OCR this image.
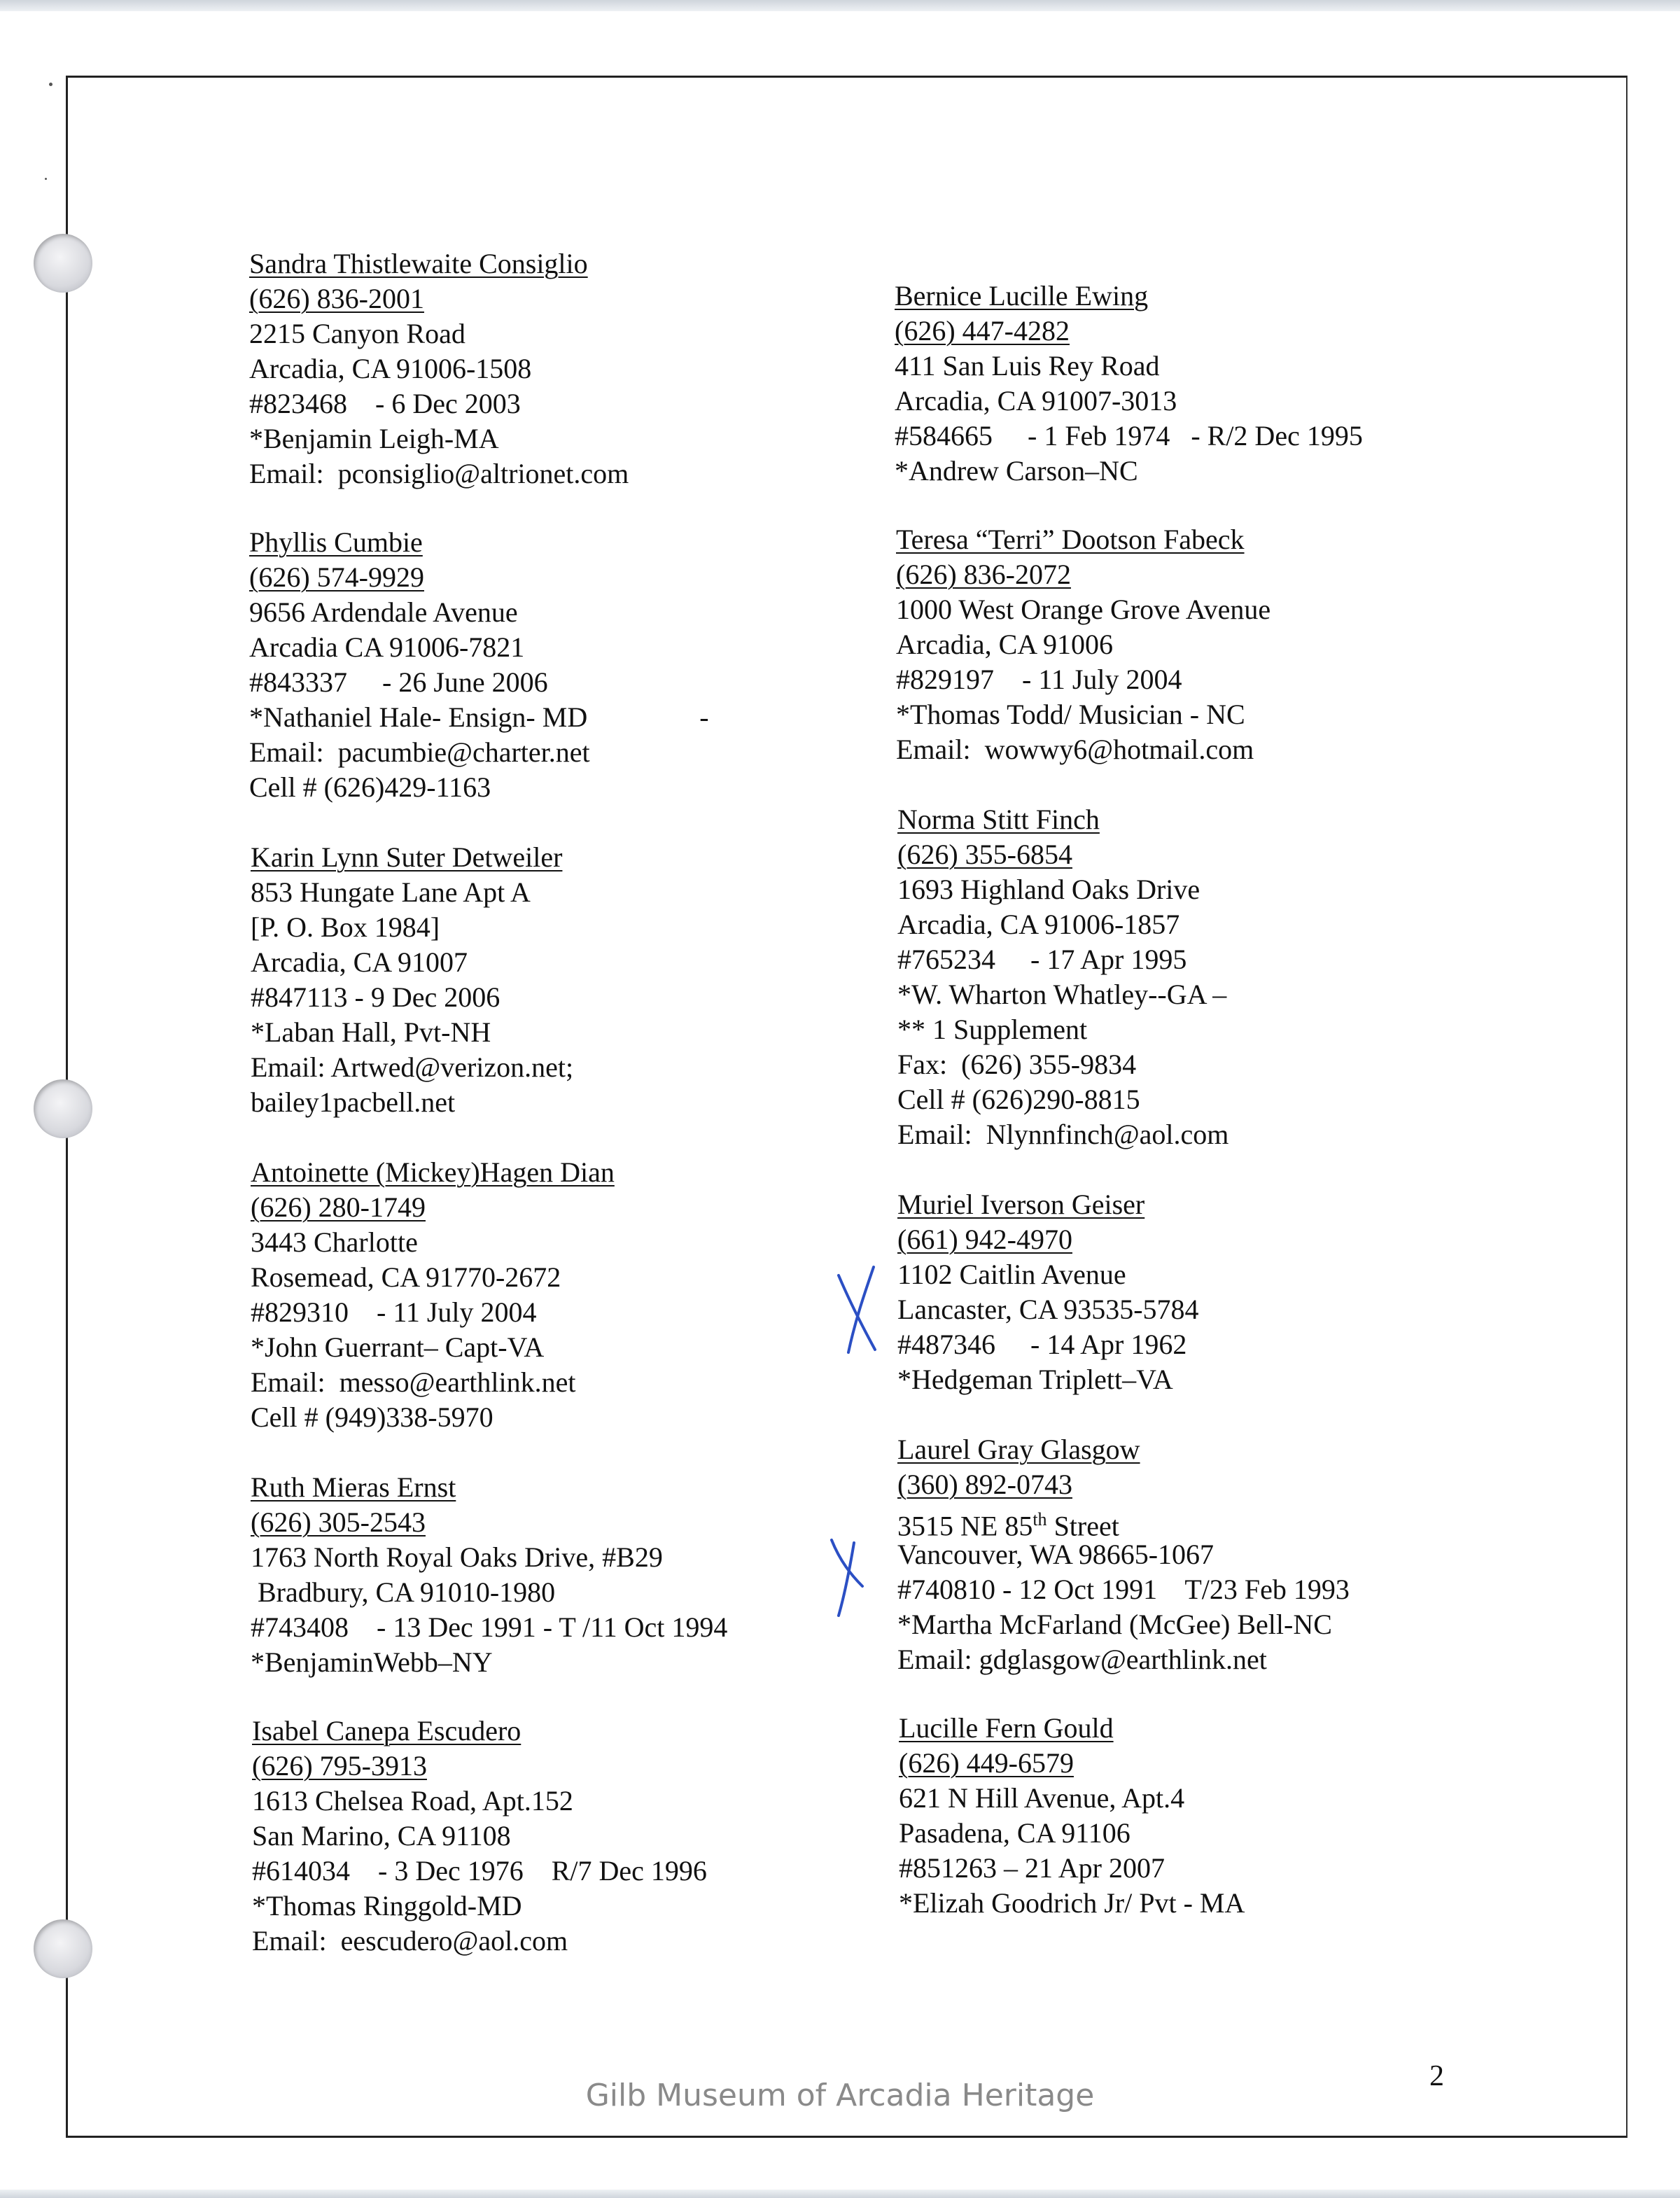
Sandra Thistlewaite Consiglio
(626) 836-2001
2215 Canyon Road
Arcadia, CA 91006-1508
#823468    - 6 Dec 2003
*Benjamin Leigh-MA
Email:  pconsiglio@altrionet.com
Phyllis Cumbie
(626) 574-9929
9656 Ardendale Avenue
Arcadia CA 91006-7821
#843337     - 26 June 2006
*Nathaniel Hale- Ensign- MD                -
Email:  pacumbie@charter.net
Cell # (626)429-1163
Karin Lynn Suter Detweiler
853 Hungate Lane Apt A
[P. O. Box 1984]
Arcadia, CA 91007
#847113 - 9 Dec 2006
*Laban Hall, Pvt-NH
Email: Artwed@verizon.net;
bailey1pacbell.net
Antoinette (Mickey)Hagen Dian
(626) 280-1749
3443 Charlotte
Rosemead, CA 91770-2672
#829310    - 11 July 2004
*John Guerrant– Capt-VA
Email:  messo@earthlink.net
Cell # (949)338-5970
Ruth Mieras Ernst
(626) 305-2543
1763 North Royal Oaks Drive, #B29
Bradbury, CA 91010-1980
#743408    - 13 Dec 1991 - T /11 Oct 1994
*BenjaminWebb–NY
Isabel Canepa Escudero
(626) 795-3913
1613 Chelsea Road, Apt.152
San Marino, CA 91108
#614034    - 3 Dec 1976    R/7 Dec 1996
*Thomas Ringgold-MD
Email:  eescudero@aol.com
Bernice Lucille Ewing
(626) 447-4282
411 San Luis Rey Road
Arcadia, CA 91007-3013
#584665     - 1 Feb 1974   - R/2 Dec 1995
*Andrew Carson–NC
Teresa “Terri” Dootson Fabeck
(626) 836-2072
1000 West Orange Grove Avenue
Arcadia, CA 91006
#829197    - 11 July 2004
*Thomas Todd/ Musician - NC
Email:  wowwy6@hotmail.com
Norma Stitt Finch
(626) 355-6854
1693 Highland Oaks Drive
Arcadia, CA 91006-1857
#765234     - 17 Apr 1995
*W. Wharton Whatley--GA –
** 1 Supplement
Fax:  (626) 355-9834
Cell # (626)290-8815
Email:  Nlynnfinch@aol.com
Muriel Iverson Geiser
(661) 942-4970
1102 Caitlin Avenue
Lancaster, CA 93535-5784
#487346     - 14 Apr 1962
*Hedgeman Triplett–VA
Laurel Gray Glasgow
(360) 892-0743
3515 NE 85th Street
Vancouver, WA 98665-1067
#740810 - 12 Oct 1991    T/23 Feb 1993
*Martha McFarland (McGee) Bell-NC
Email: gdglasgow@earthlink.net
Lucille Fern Gould
(626) 449-6579
621 N Hill Avenue, Apt.4
Pasadena, CA 91106
#851263 – 21 Apr 2007
*Elizah Goodrich Jr/ Pvt - MA
Gilb Museum of Arcadia Heritage
2
